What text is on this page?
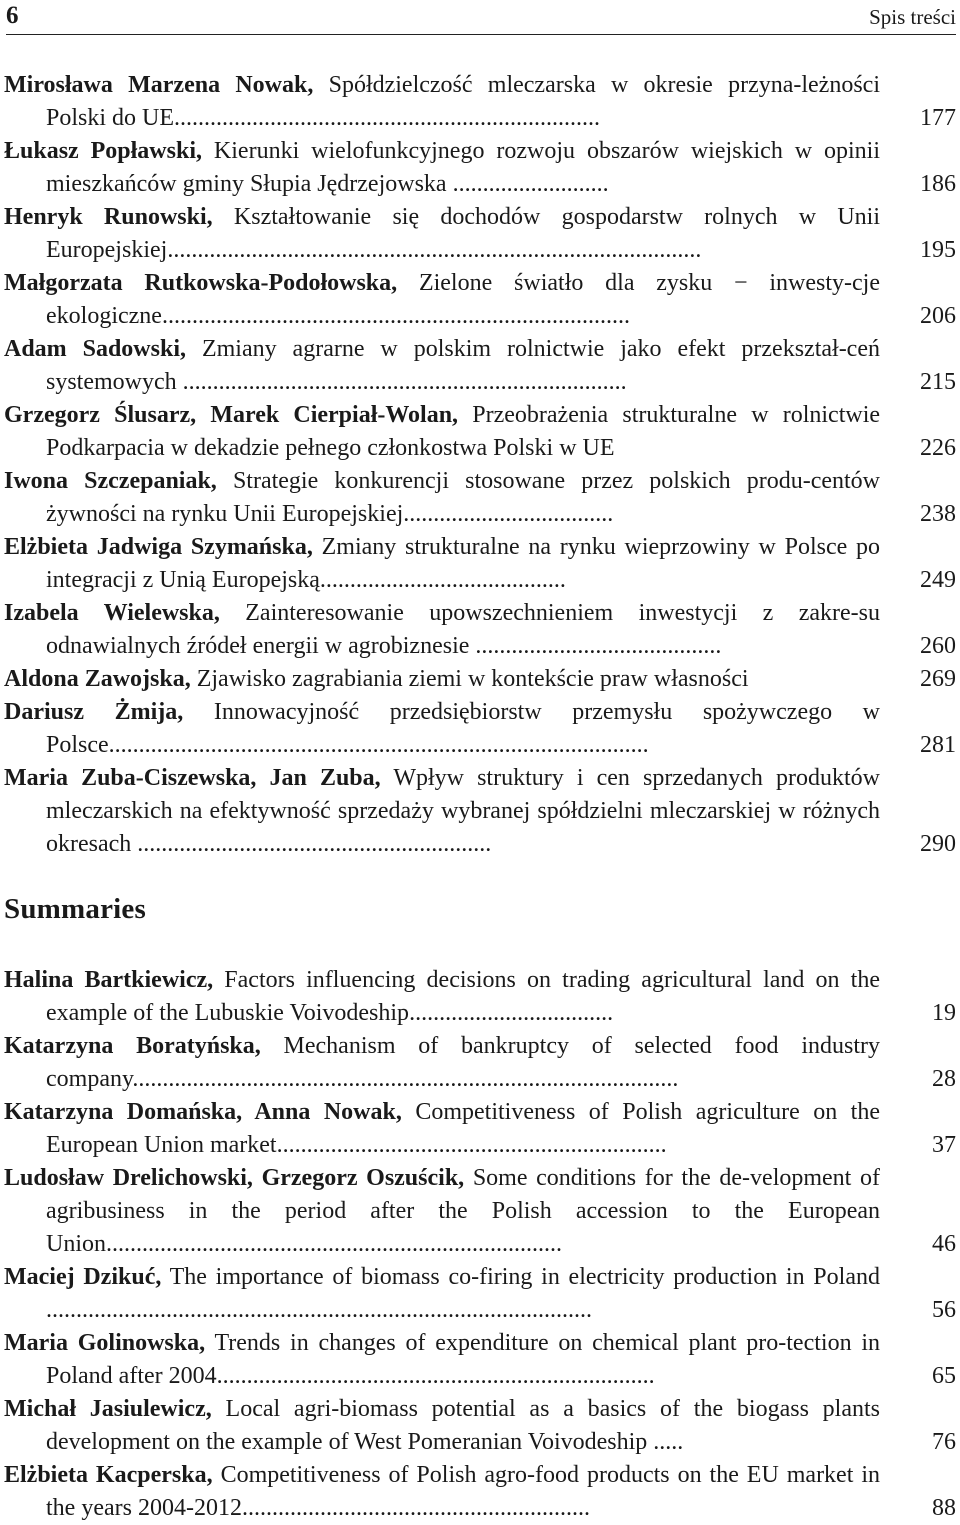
6	Spis treści
Mirosława Marzena Nowak, Spółdzielczość mleczarska w okresie przyna-leżności Polski do UE.......................................................................	177
Łukasz Popławski, Kierunki wielofunkcyjnego rozwoju obszarów wiejskich w opinii mieszkańców gminy Słupia Jędrzejowska ..........................	186
Henryk Runowski, Kształtowanie się dochodów gospodarstw rolnych w Unii Europejskiej.........................................................................................	195
Małgorzata Rutkowska-Podołowska, Zielone światło dla zysku − inwesty-cje ekologiczne..............................................................................	206
Adam Sadowski, Zmiany agrarne w polskim rolnictwie jako efekt przekształ-ceń systemowych ..........................................................................	215
Grzegorz Ślusarz, Marek Cierpiał-Wolan, Przeobrażenia strukturalne w rolnictwie Podkarpacia w dekadzie pełnego członkostwa Polski w UE	226
Iwona Szczepaniak, Strategie konkurencji stosowane przez polskich produ-centów żywności na rynku Unii Europejskiej...................................	238
Elżbieta Jadwiga Szymańska, Zmiany strukturalne na rynku wieprzowiny w Polsce po integracji z Unią Europejską.........................................	249
Izabela Wielewska, Zainteresowanie upowszechnieniem inwestycji z zakre-su odnawialnych źródeł energii w agrobiznesie .........................................	260
Aldona Zawojska, Zjawisko zagrabiania ziemi w kontekście praw własności	269
Dariusz Żmija, Innowacyjność przedsiębiorstw przemysłu spożywczego w Polsce..........................................................................................	281
Maria Zuba-Ciszewska, Jan Zuba, Wpływ struktury i cen sprzedanych produktów mleczarskich na efektywność sprzedaży wybranej spółdzielni mleczarskiej w różnych okresach ...........................................................	290
Summaries
Halina Bartkiewicz, Factors influencing decisions on trading agricultural land on the example of the Lubuskie Voivodeship..................................	19
Katarzyna Boratyńska, Mechanism of bankruptcy of selected food industry company...........................................................................................	28
Katarzyna Domańska, Anna Nowak, Competitiveness of Polish agriculture on the European Union market.................................................................	37
Ludosław Drelichowski, Grzegorz Oszuścik, Some conditions for the de-velopment of agribusiness in the period after the Polish accession to the European Union............................................................................	46
Maciej Dzikuć, The importance of biomass co-firing in electricity production in Poland ...........................................................................................	56
Maria Golinowska, Trends in changes of expenditure on chemical plant pro-tection in Poland after 2004.........................................................................	65
Michał Jasiulewicz, Local agri-biomass potential as a basics of the biogass plants development on the example of West Pomeranian Voivodeship .....	76
Elżbieta Kacperska, Competitiveness of Polish agro-food products on the EU market in the years 2004-2012..........................................................	88
